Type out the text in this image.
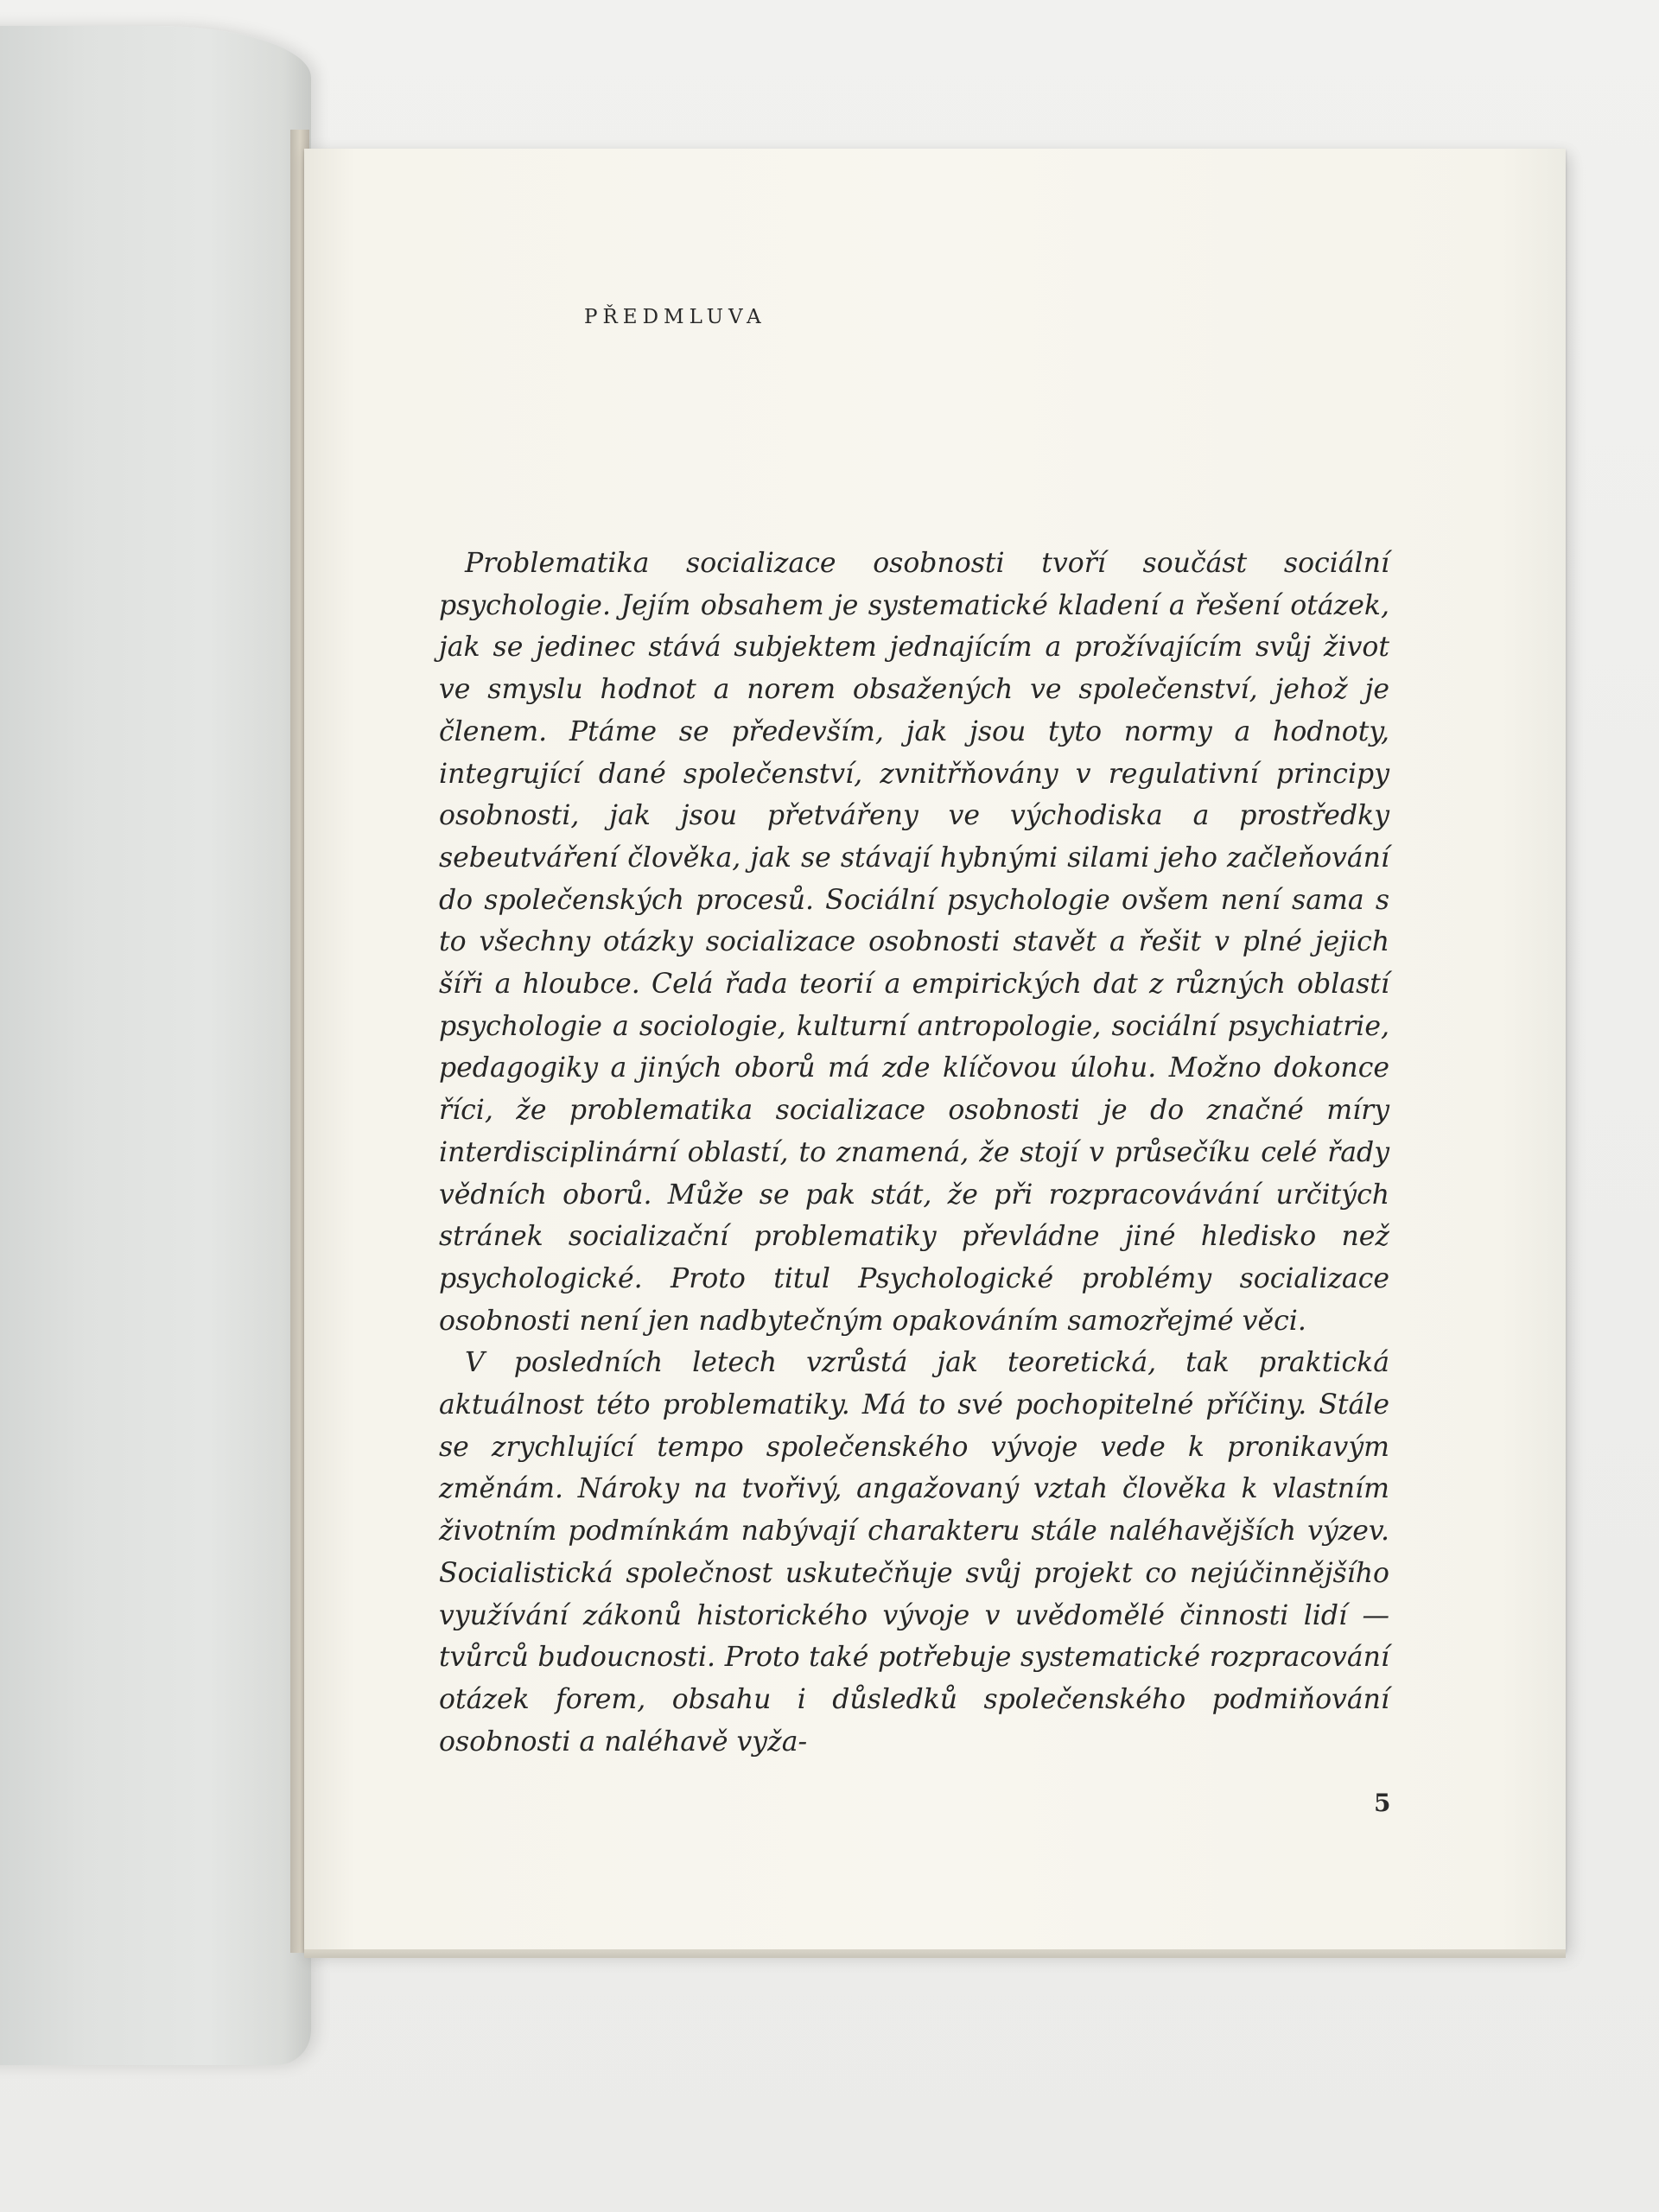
PŘEDMLUVA

Problematika socializace osobnosti tvoří součást sociální psychologie. Jejím obsahem je systematické kladení a řešení otázek, jak se jedinec stává subjektem jednajícím a prožívajícím svůj život ve smyslu hodnot a norem obsažených ve společenství, jehož je členem. Ptáme se především, jak jsou tyto normy a hodnoty, integrující dané společenství, zvnitřňovány v regulativní principy osobnosti, jak jsou přetvářeny ve východiska a prostředky sebeutváření člověka, jak se stávají hybnými silami jeho začleňování do společenských procesů. Sociální psychologie ovšem není sama s to všechny otázky socializace osobnosti stavět a řešit v plné jejich šíři a hloubce. Celá řada teorií a empirických dat z různých oblastí psychologie a sociologie, kulturní antropologie, sociální psychiatrie, pedagogiky a jiných oborů má zde klíčovou úlohu. Možno dokonce říci, že problematika socializace osobnosti je do značné míry interdisciplinární oblastí, to znamená, že stojí v průsečíku celé řady vědních oborů. Může se pak stát, že při rozpracovávání určitých stránek socializační problematiky převládne jiné hledisko než psychologické. Proto titul Psychologické problémy socializace osobnosti není jen nadbytečným opakováním samozřejmé věci.

V posledních letech vzrůstá jak teoretická, tak praktická aktuálnost této problematiky. Má to své pochopitelné příčiny. Stále se zrychlující tempo společenského vývoje vede k pronikavým změnám. Nároky na tvořivý, angažovaný vztah člověka k vlastním životním podmínkám nabývají charakteru stále naléhavějších výzev. Socialistická společnost uskutečňuje svůj projekt co nejúčinnějšího využívání zákonů historického vývoje v uvědomělé činnosti lidí — tvůrců budoucnosti. Proto také potřebuje systematické rozpracování otázek forem, obsahu i důsledků společenského podmiňování osobnosti a naléhavě vyža-

5
